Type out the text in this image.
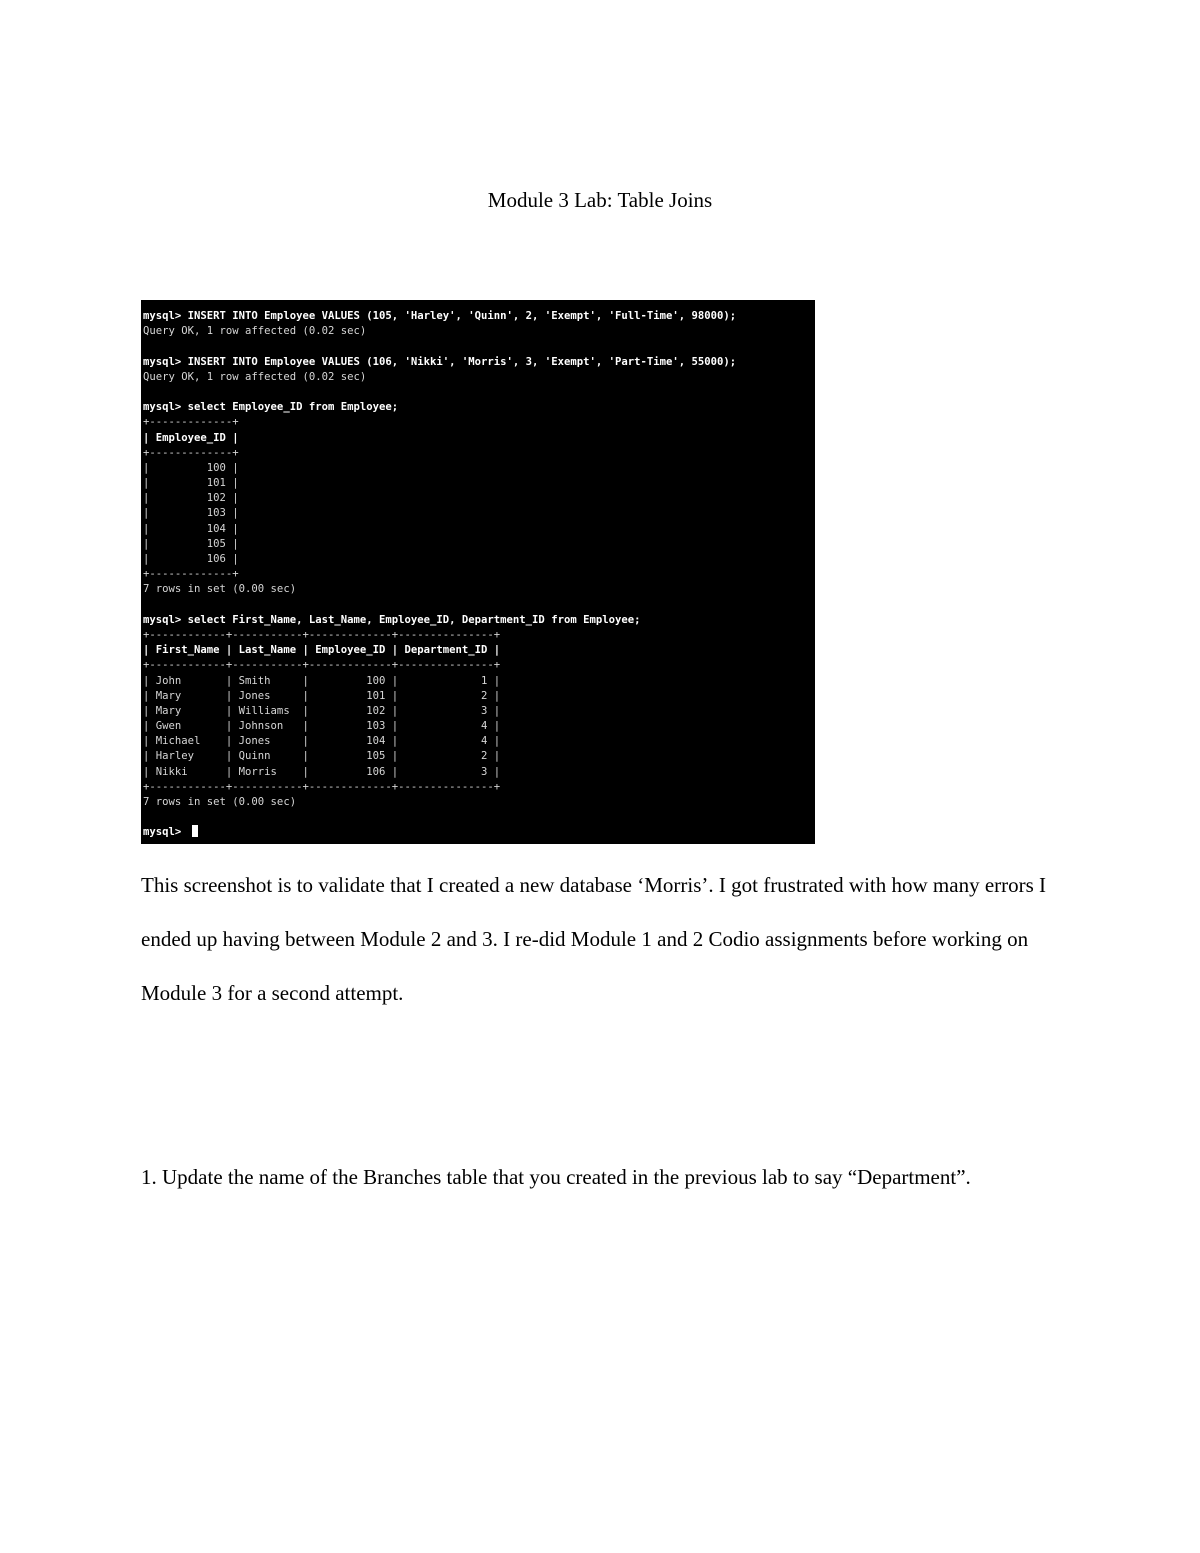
Module 3 Lab: Table Joins
mysql> INSERT INTO Employee VALUES (105, 'Harley', 'Quinn', 2, 'Exempt', 'Full-Time', 98000);
Query OK, 1 row affected (0.02 sec)
mysql> INSERT INTO Employee VALUES (106, 'Nikki', 'Morris', 3, 'Exempt', 'Part-Time', 55000);
Query OK, 1 row affected (0.02 sec)
mysql> select Employee_ID from Employee;
+-------------+
| Employee_ID |
+-------------+
|         100 |
|         101 |
|         102 |
|         103 |
|         104 |
|         105 |
|         106 |
+-------------+
7 rows in set (0.00 sec)
mysql> select First_Name, Last_Name, Employee_ID, Department_ID from Employee;
+------------+-----------+-------------+---------------+
| First_Name | Last_Name | Employee_ID | Department_ID |
+------------+-----------+-------------+---------------+
| John       | Smith     |         100 |             1 |
| Mary       | Jones     |         101 |             2 |
| Mary       | Williams  |         102 |             3 |
| Gwen       | Johnson   |         103 |             4 |
| Michael    | Jones     |         104 |             4 |
| Harley     | Quinn     |         105 |             2 |
| Nikki      | Morris    |         106 |             3 |
+------------+-----------+-------------+---------------+
7 rows in set (0.00 sec)
mysql>

This screenshot is to validate that I created a new database ‘Morris’. I got frustrated with how many errors I ended up having between Module 2 and 3. I re-did Module 1 and 2 Codio assignments before working on Module 3 for a second attempt.

1. Update the name of the Branches table that you created in the previous lab to say “Department”.
